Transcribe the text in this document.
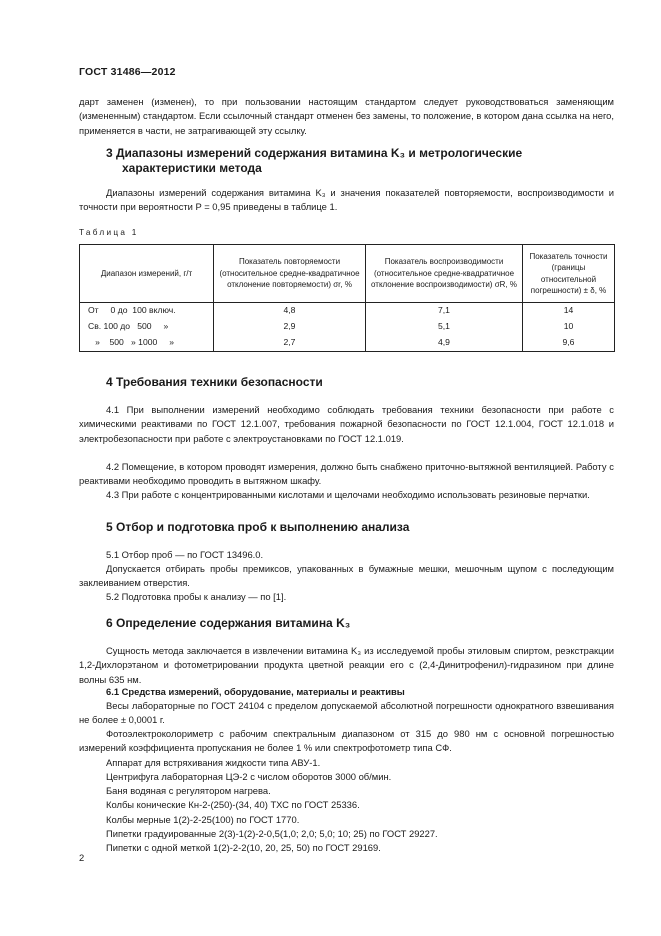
ГОСТ 31486—2012
дарт заменен (изменен), то при пользовании настоящим стандартом следует руководствоваться заменяющим (измененным) стандартом. Если ссылочный стандарт отменен без замены, то положение, в котором дана ссылка на него, применяется в части, не затрагивающей эту ссылку.
3 Диапазоны измерений содержания витамина K₃ и метрологические
характеристики метода
Диапазоны измерений содержания витамина K₃ и значения показателей повторяемости, воспроизводимости и точности при вероятности P = 0,95 приведены в таблице 1.
Таблица 1
Диапазон измерений, г/т	Показатель повторяемости (относительное средне-квадратичное отклонение повторяемости) σr, %	Показатель воспроизводимости (относительное средне-квадратичное отклонение воспроизводимости) σR, %	Показатель точности (границы относительной погрешности) ± δ, %
От     0 до  100 включ.	4,8	7,1	14
Св. 100 до   500     »	2,9	5,1	10
»    500   » 1000     »	2,7	4,9	9,6
4 Требования техники безопасности
4.1 При выполнении измерений необходимо соблюдать требования техники безопасности при работе с химическими реактивами по ГОСТ 12.1.007, требования пожарной безопасности по ГОСТ 12.1.004, ГОСТ 12.1.018 и электробезопасности при работе с электроустановками по ГОСТ 12.1.019.
4.2 Помещение, в котором проводят измерения, должно быть снабжено приточно-вытяжной вентиляцией. Работу с реактивами необходимо проводить в вытяжном шкафу.
4.3 При работе с концентрированными кислотами и щелочами необходимо использовать резиновые перчатки.
5 Отбор и подготовка проб к выполнению анализа
5.1 Отбор проб — по ГОСТ 13496.0.
Допускается отбирать пробы премиксов, упакованных в бумажные мешки, мешочным щупом с последующим заклеиванием отверстия.
5.2 Подготовка пробы к анализу — по [1].
6 Определение содержания витамина K₃
Сущность метода заключается в извлечении витамина K₃ из исследуемой пробы этиловым спиртом, реэкстракции 1,2-Дихлорэтаном и фотометрировании продукта цветной реакции его с (2,4-Динитрофенил)-гидразином при длине волны 635 нм.
6.1 Средства измерений, оборудование, материалы и реактивы
Весы лабораторные по ГОСТ 24104 с пределом допускаемой абсолютной погрешности однократного взвешивания не более ± 0,0001 г.
Фотоэлектроколориметр с рабочим спектральным диапазоном от 315 до 980 нм с основной погрешностью измерений коэффициента пропускания не более 1 % или спектрофотометр типа СФ.
Аппарат для встряхивания жидкости типа АВУ-1.
Центрифуга лабораторная ЦЭ-2 с числом оборотов 3000 об/мин.
Баня водяная с регулятором нагрева.
Колбы конические Кн-2-(250)-(34, 40) ТХС по ГОСТ 25336.
Колбы мерные 1(2)-2-25(100) по ГОСТ 1770.
Пипетки градуированные 2(3)-1(2)-2-0,5(1,0; 2,0; 5,0; 10; 25) по ГОСТ 29227.
Пипетки с одной меткой 1(2)-2-2(10, 20, 25, 50) по ГОСТ 29169.
2
